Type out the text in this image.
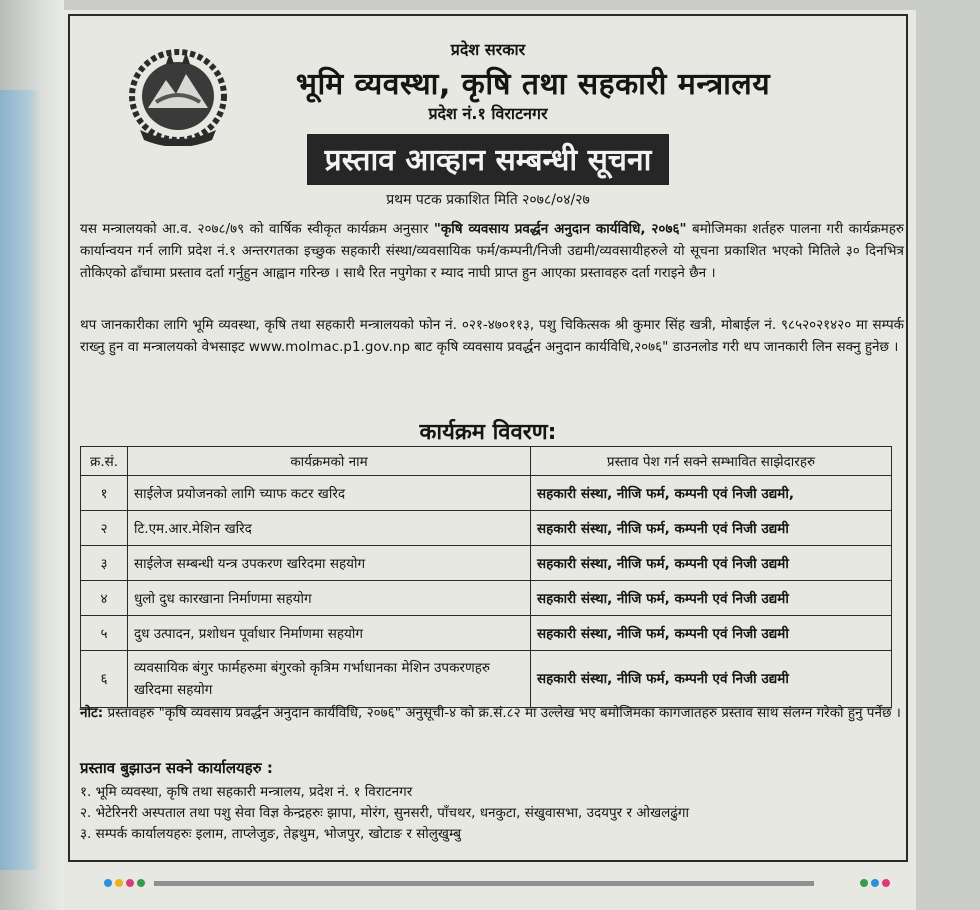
प्रदेश सरकार
भूमि व्यवस्था, कृषि तथा सहकारी मन्त्रालय
प्रदेश नं.१ विराटनगर
प्रस्ताव आव्हान सम्बन्धी सूचना
प्रथम पटक प्रकाशित मिति २०७८/०४/२७
यस मन्त्रालयको आ.व. २०७८/७९ को वार्षिक स्वीकृत कार्यक्रम अनुसार "कृषि व्यवसाय प्रवर्द्धन अनुदान कार्यविधि, २०७६" बमोजिमका शर्तहरु पालना गरी कार्यक्रमहरु कार्यान्वयन गर्न लागि प्रदेश नं.१ अन्तरगतका इच्छुक सहकारी संस्था/व्यवसायिक फर्म/कम्पनी/निजी उद्यमी/व्यवसायीहरुले यो सूचना प्रकाशित भएको मितिले ३० दिनभित्र तोकिएको ढाँचामा प्रस्ताव दर्ता गर्नुहुन आह्वान गरिन्छ । साथै रित नपुगेका र म्याद नाघी प्राप्त हुन आएका प्रस्तावहरु दर्ता गराइने छैन ।
थप जानकारीका लागि भूमि व्यवस्था, कृषि तथा सहकारी मन्त्रालयको फोन नं. ०२१-४७०११३, पशु चिकित्सक श्री कुमार सिंह खत्री, मोबाईल नं. ९८५२०२१४२० मा सम्पर्क राख्नु हुन वा मन्त्रालयको वेभसाइट www.molmac.p1.gov.np बाट कृषि व्यवसाय प्रवर्द्धन अनुदान कार्यविधि,२०७६" डाउनलोड गरी थप जानकारी लिन सक्नु हुनेछ ।
कार्यक्रम विवरण:
क्र.सं.	कार्यक्रमको नाम	प्रस्ताव पेश गर्न सक्ने सम्भावित साझेदारहरु
१	साईलेज प्रयोजनको लागि च्याफ कटर खरिद	सहकारी संस्था, नीजि फर्म, कम्पनी एवं निजी उद्यमी,
२	टि.एम.आर.मेशिन खरिद	सहकारी संस्था, नीजि फर्म, कम्पनी एवं निजी उद्यमी
३	साईलेज सम्बन्धी यन्त्र उपकरण खरिदमा सहयोग	सहकारी संस्था, नीजि फर्म, कम्पनी एवं निजी उद्यमी
४	धुलो दुध कारखाना निर्माणमा सहयोग	सहकारी संस्था, नीजि फर्म, कम्पनी एवं निजी उद्यमी
५	दुध उत्पादन, प्रशोधन पूर्वाधार निर्माणमा सहयोग	सहकारी संस्था, नीजि फर्म, कम्पनी एवं निजी उद्यमी
६	व्यवसायिक बंगुर फार्महरुमा बंगुरको कृत्रिम गर्भाधानका मेशिन उपकरणहरु खरिदमा सहयोग	सहकारी संस्था, नीजि फर्म, कम्पनी एवं निजी उद्यमी
नोट: प्रस्तावहरु "कृषि व्यवसाय प्रवर्द्धन अनुदान कार्यविधि, २०७६" अनुसूची-४ को क्र.सं.८२ मा उल्लेख भए बमोजिमका कागजातहरु प्रस्ताव साथ संलग्न गरेको हुनु पर्नेछ ।
प्रस्ताव बुझाउन सक्ने कार्यालयहरु :
१. भूमि व्यवस्था, कृषि तथा सहकारी मन्त्रालय, प्रदेश नं. १ विराटनगर
२. भेटेरिनरी अस्पताल तथा पशु सेवा विज्ञ केन्द्रहरुः झापा, मोरंग, सुनसरी, पाँचथर, धनकुटा, संखुवासभा, उदयपुर र ओखलढुंगा
३. सम्पर्क कार्यालयहरुः इलाम, ताप्लेजुङ, तेह्रथुम, भोजपुर, खोटाङ र सोलुखुम्बु
